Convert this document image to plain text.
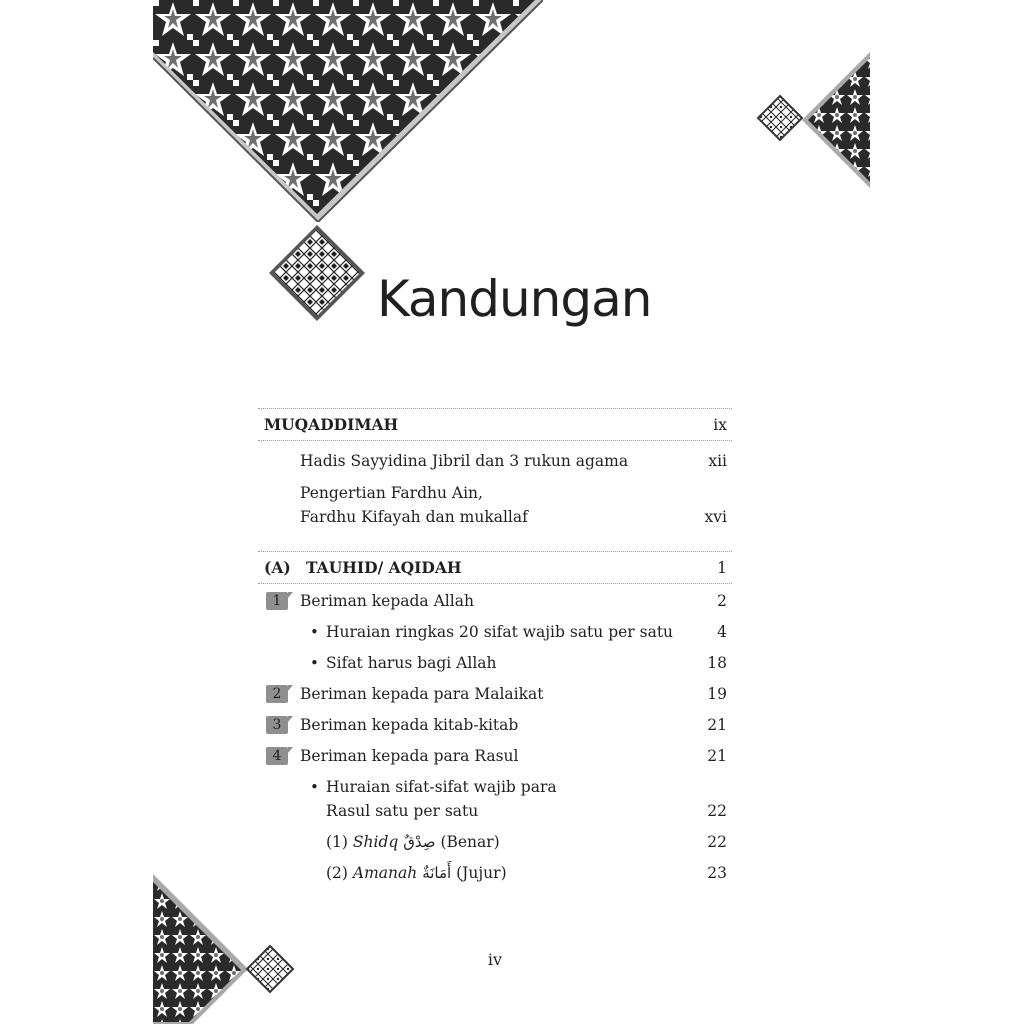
Kandungan
MUQADDIMAH	ix
Hadis Sayyidina Jibril dan 3 rukun agama	xii
Pengertian Fardhu Ain,
Fardhu Kifayah dan mukallaf	xvi
(A) TAUHID/ AQIDAH	1
1	Beriman kepada Allah	2
• Huraian ringkas 20 sifat wajib satu per satu	4
• Sifat harus bagi Allah	18
2	Beriman kepada para Malaikat	19
3	Beriman kepada kitab-kitab	21
4	Beriman kepada para Rasul	21
• Huraian sifat-sifat wajib para
Rasul satu per satu	22
(1) Shidq صِدْقٌ (Benar)	22
(2) Amanah أَمَانَةٌ (Jujur)	23
iv
